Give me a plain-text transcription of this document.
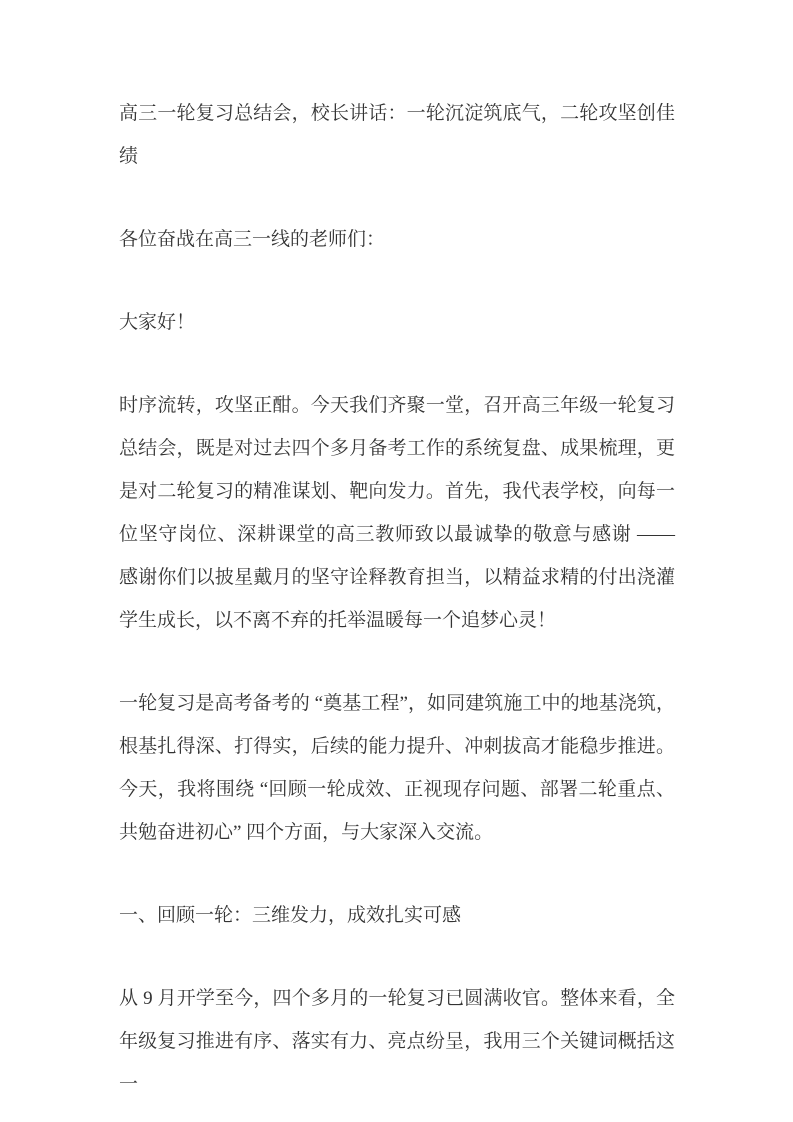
高三一轮复习总结会，校长讲话：一轮沉淀筑底气，二轮攻坚创佳绩

各位奋战在高三一线的老师们：

大家好！

时序流转，攻坚正酣。今天我们齐聚一堂，召开高三年级一轮复习总结会，既是对过去四个多月备考工作的系统复盘、成果梳理，更是对二轮复习的精准谋划、靶向发力。首先，我代表学校，向每一位坚守岗位、深耕课堂的高三教师致以最诚挚的敬意与感谢 —— 感谢你们以披星戴月的坚守诠释教育担当，以精益求精的付出浇灌学生成长，以不离不弃的托举温暖每一个追梦心灵！

一轮复习是高考备考的 “奠基工程”，如同建筑施工中的地基浇筑，根基扎得深、打得实，后续的能力提升、冲刺拔高才能稳步推进。今天，我将围绕 “回顾一轮成效、正视现存问题、部署二轮重点、共勉奋进初心” 四个方面，与大家深入交流。

一、回顾一轮：三维发力，成效扎实可感

从 9 月开学至今，四个多月的一轮复习已圆满收官。整体来看，全年级复习推进有序、落实有力、亮点纷呈，我用三个关键词概括这一
